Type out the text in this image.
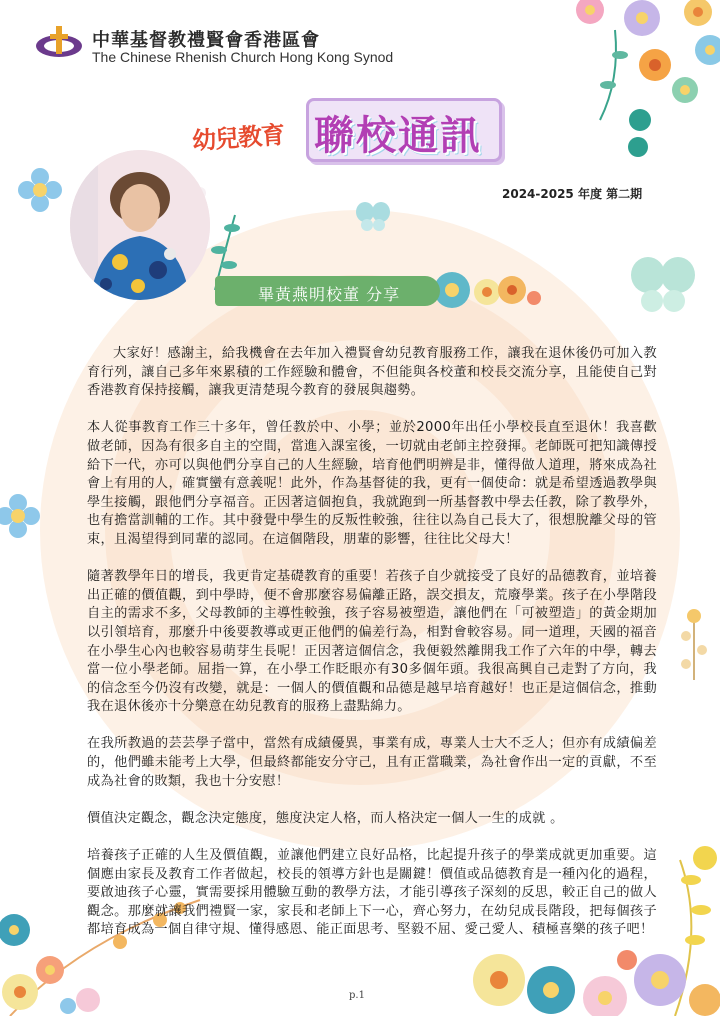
中華基督教禮賢會香港區會
The Chinese Rhenish Church Hong Kong Synod
幼兒教育 聯校通訊
2024-2025 年度 第二期
畢黃燕明校董 分享

大家好！感謝主，給我機會在去年加入禮賢會幼兒教育服務工作，讓我在退休後仍可加入教育行列，讓自己多年來累積的工作經驗和體會，不但能與各校董和校長交流分享，且能使自己對香港教育保持接觸，讓我更清楚現今教育的發展與趨勢。

本人從事教育工作三十多年，曾任教於中、小學；並於2000年出任小學校長直至退休！我喜歡做老師，因為有很多自主的空間，當進入課室後，一切就由老師主控發揮。老師既可把知識傳授給下一代，亦可以與他們分享自己的人生經驗，培育他們明辨是非，懂得做人道理，將來成為社會上有用的人，確實蠻有意義呢！此外，作為基督徒的我，更有一個使命：就是希望透過教學與學生接觸，跟他們分享福音。正因著這個抱負，我就跑到一所基督教中學去任教，除了教學外，也有擔當訓輔的工作。其中發覺中學生的反叛性較強，往往以為自己長大了，很想脫離父母的管束，且渴望得到同輩的認同。在這個階段，朋輩的影響，往往比父母大！

隨著教學年日的增長，我更肯定基礎教育的重要！若孩子自少就接受了良好的品德教育，並培養出正確的價值觀，到中學時，便不會那麼容易偏離正路，誤交損友，荒廢學業。孩子在小學階段自主的需求不多，父母教師的主導性較強，孩子容易被塑造，讓他們在「可被塑造」的黃金期加以引領培育，那麼升中後要教導或更正他們的偏差行為，相對會較容易。同一道理，天國的福音在小學生心內也較容易萌芽生長呢！正因著這個信念，我便毅然離開我工作了六年的中學，轉去當一位小學老師。屈指一算，在小學工作眨眼亦有30多個年頭。我很高興自己走對了方向，我的信念至今仍沒有改變，就是：一個人的價值觀和品德是越早培育越好！也正是這個信念，推動我在退休後亦十分樂意在幼兒教育的服務上盡點綿力。

在我所教過的芸芸學子當中，當然有成績優異，事業有成，專業人士大不乏人；但亦有成績偏差的，他們雖未能考上大學，但最終都能安分守己，且有正當職業，為社會作出一定的貢獻，不至成為社會的敗類，我也十分安慰！

價值決定觀念，觀念決定態度，態度決定人格，而人格決定一個人一生的成就 。

培養孩子正確的人生及價值觀，並讓他們建立良好品格，比起提升孩子的學業成就更加重要。這個應由家長及教育工作者做起，校長的領導方針也是關鍵！價值或品德教育是一種內化的過程，要啟迪孩子心靈，實需要採用體驗互動的教學方法，才能引導孩子深刻的反思，較正自己的做人觀念。那麼就讓我們禮賢一家，家長和老師上下一心，齊心努力，在幼兒成長階段，把每個孩子都培育成為一個自律守規、懂得感恩、能正面思考、堅毅不屈、愛己愛人、積極喜樂的孩子吧！

p.1
